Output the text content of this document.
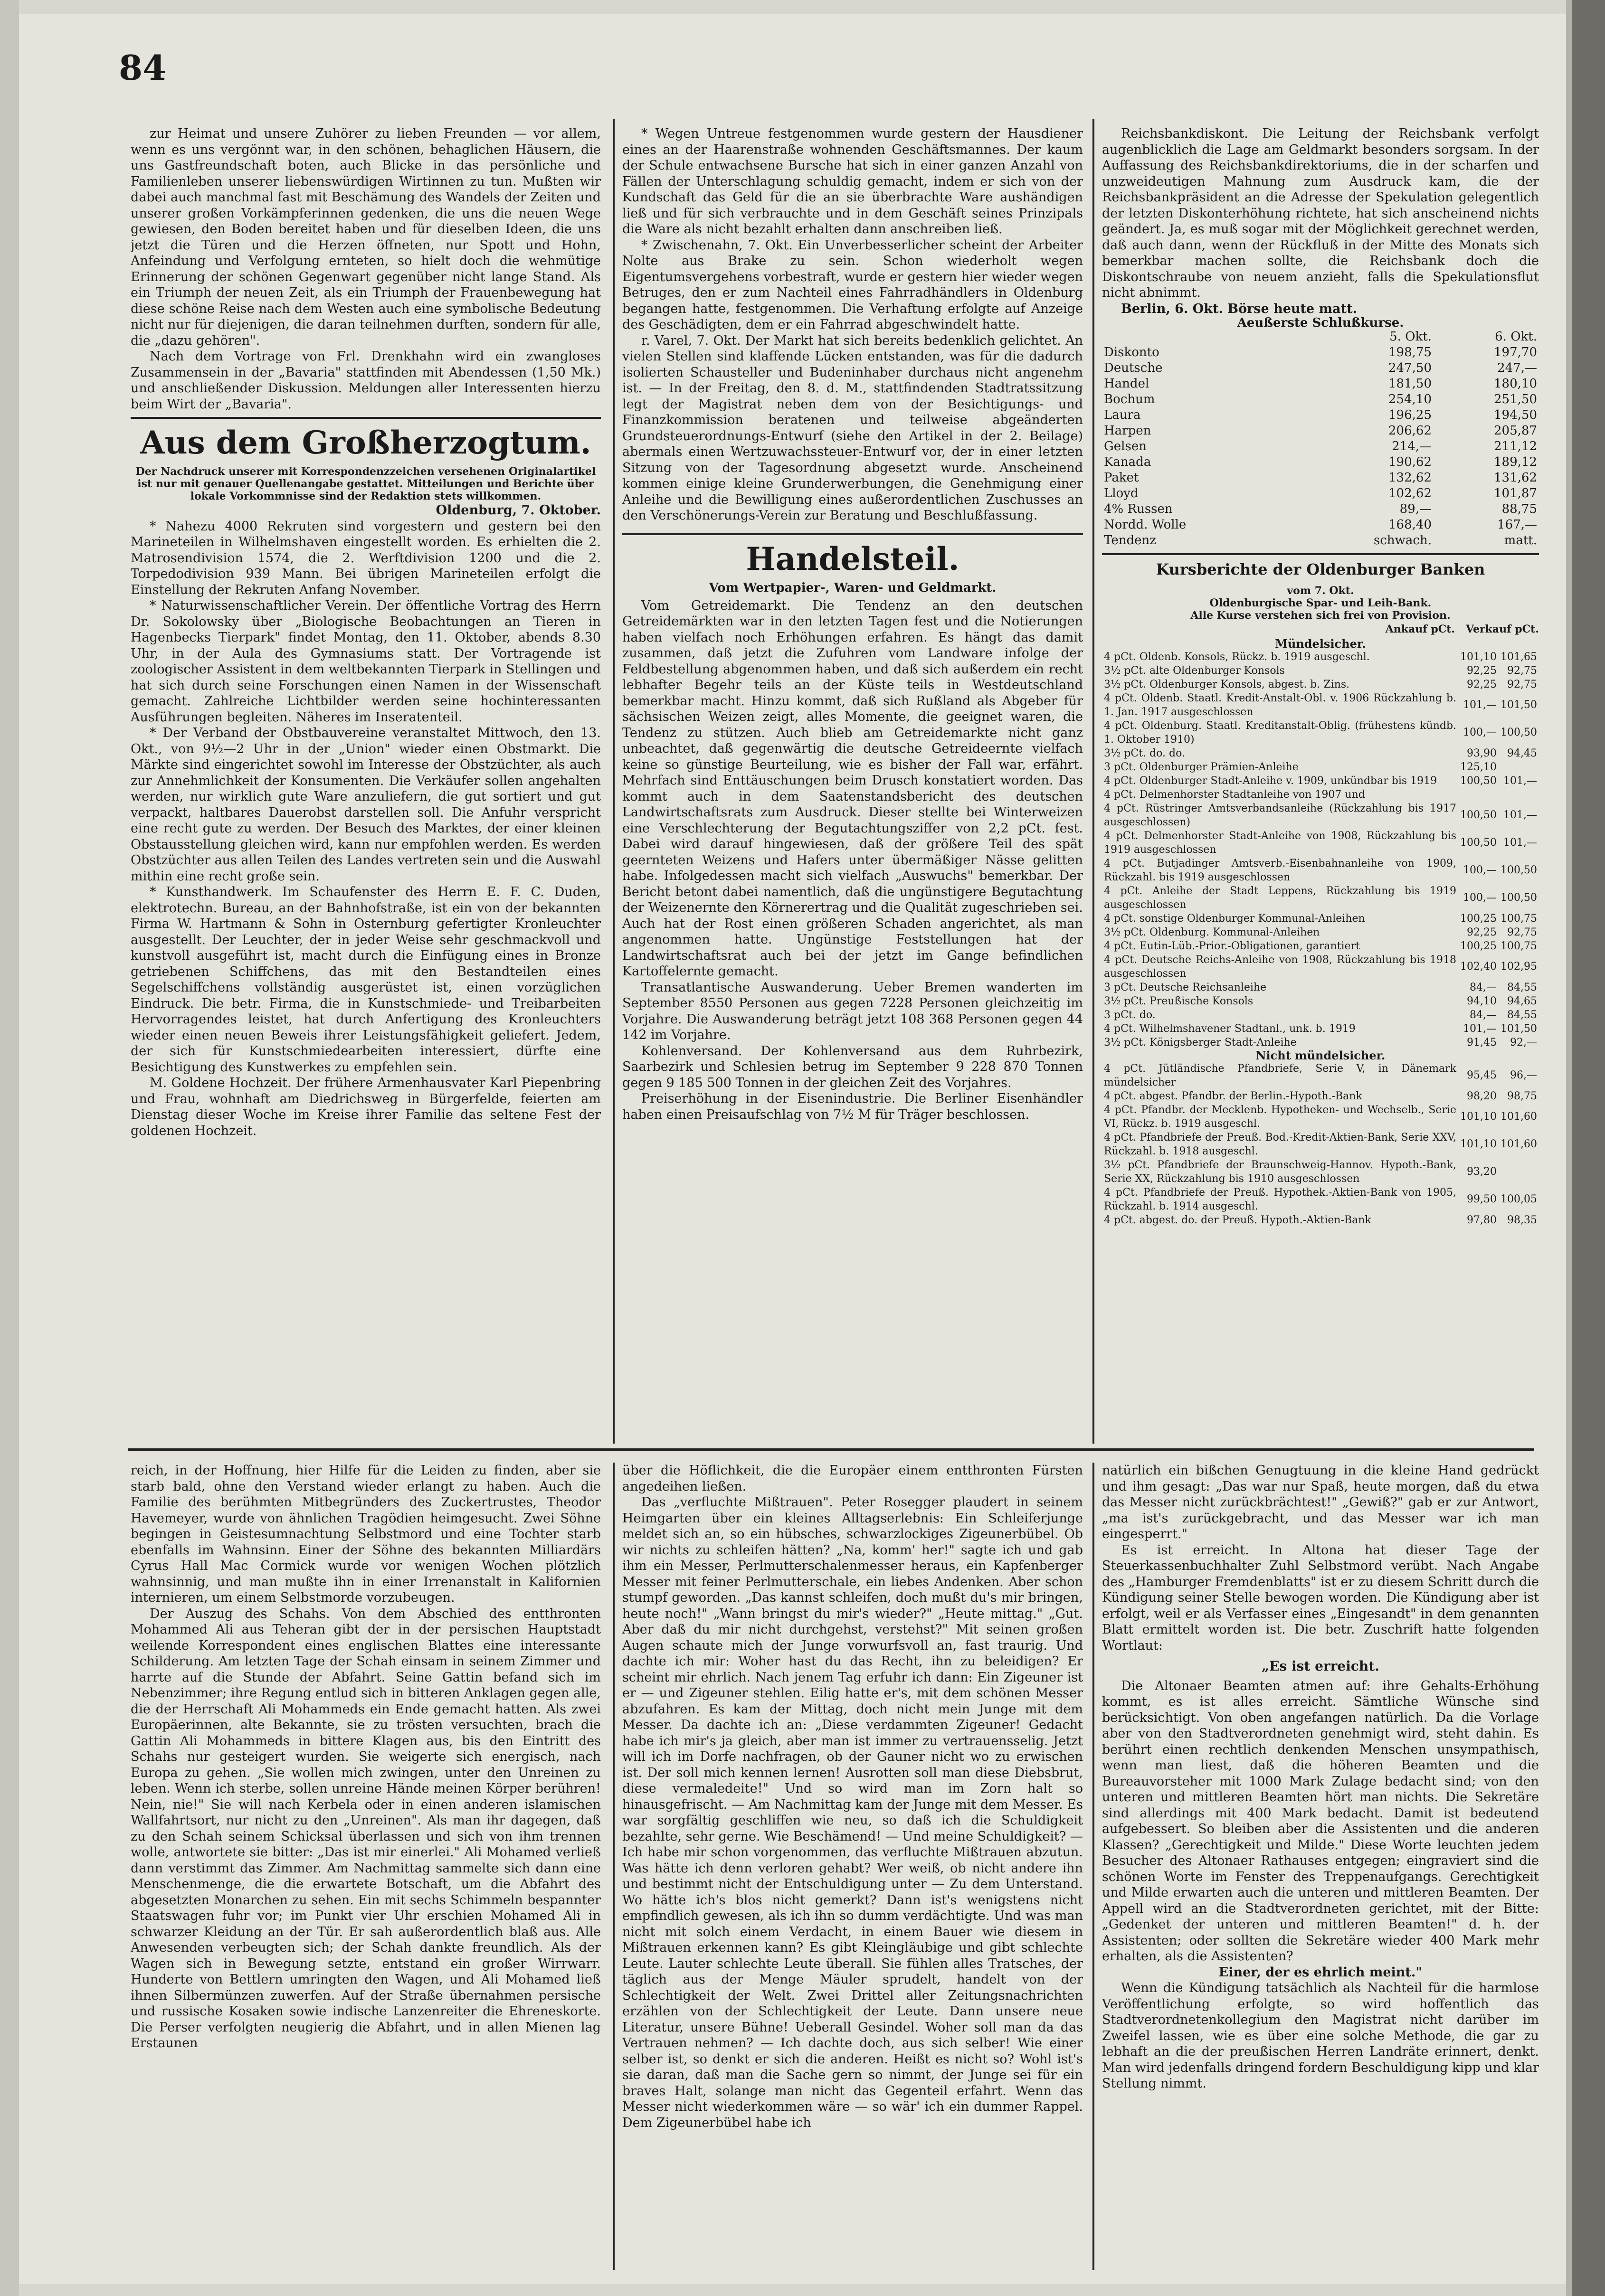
84

zur Heimat und unsere Zuhörer zu lieben Freunden — vor allem, wenn es uns vergönnt war, in den schönen, behaglichen Häusern, die uns Gastfreundschaft boten, auch Blicke in das persönliche und Familienleben unserer liebenswürdigen Wirtinnen zu tun. Mußten wir dabei auch manchmal fast mit Beschämung des Wandels der Zeiten und unserer großen Vorkämpferinnen gedenken, die uns die neuen Wege gewiesen, den Boden bereitet haben und für dieselben Ideen, die uns jetzt die Türen und die Herzen öffneten, nur Spott und Hohn, Anfeindung und Verfolgung ernteten, so hielt doch die wehmütige Erinnerung der schönen Gegenwart gegenüber nicht lange Stand. Als ein Triumph der neuen Zeit, als ein Triumph der Frauenbewegung hat diese schöne Reise nach dem Westen auch eine symbolische Bedeutung nicht nur für diejenigen, die daran teilnehmen durften, sondern für alle, die „dazu gehören".

Nach dem Vortrage von Frl. Drenkhahn wird ein zwangloses Zusammensein in der „Bavaria" stattfinden mit Abendessen (1,50 Mk.) und anschließender Diskussion. Meldungen aller Interessenten hierzu beim Wirt der „Bavaria".

Aus dem Großherzogtum.
Der Nachdruck unserer mit Korrespondenzzeichen versehenen Originalartikel ist nur mit genauer Quellenangabe gestattet. Mitteilungen und Berichte über lokale Vorkommnisse sind der Redaktion stets willkommen.
Oldenburg, 7. Oktober.

* Nahezu 4000 Rekruten sind vorgestern und gestern bei den Marineteilen in Wilhelmshaven eingestellt worden. Es erhielten die 2. Matrosendivision 1574, die 2. Werftdivision 1200 und die 2. Torpedodivision 939 Mann. Bei übrigen Marineteilen erfolgt die Einstellung der Rekruten Anfang November.

* Naturwissenschaftlicher Verein. Der öffentliche Vortrag des Herrn Dr. Sokolowsky über „Biologische Beobachtungen an Tieren in Hagenbecks Tierpark" findet Montag, den 11. Oktober, abends 8.30 Uhr, in der Aula des Gymnasiums statt. Der Vortragende ist zoologischer Assistent in dem weltbekannten Tierpark in Stellingen und hat sich durch seine Forschungen einen Namen in der Wissenschaft gemacht. Zahlreiche Lichtbilder werden seine hochinteressanten Ausführungen begleiten. Näheres im Inseratenteil.

* Der Verband der Obstbauvereine veranstaltet Mittwoch, den 13. Okt., von 9½—2 Uhr in der „Union" wieder einen Obstmarkt. Die Märkte sind eingerichtet sowohl im Interesse der Obstzüchter, als auch zur Annehmlichkeit der Konsumenten. Die Verkäufer sollen angehalten werden, nur wirklich gute Ware anzuliefern, die gut sortiert und gut verpackt, haltbares Dauerobst darstellen soll. Die Anfuhr verspricht eine recht gute zu werden. Der Besuch des Marktes, der einer kleinen Obstausstellung gleichen wird, kann nur empfohlen werden. Es werden Obstzüchter aus allen Teilen des Landes vertreten sein und die Auswahl mithin eine recht große sein.

* Kunsthandwerk. Im Schaufenster des Herrn E. F. C. Duden, elektrotechn. Bureau, an der Bahnhofstraße, ist ein von der bekannten Firma W. Hartmann & Sohn in Osternburg gefertigter Kronleuchter ausgestellt. Der Leuchter, der in jeder Weise sehr geschmackvoll und kunstvoll ausgeführt ist, macht durch die Einfügung eines in Bronze getriebenen Schiffchens, das mit den Bestandteilen eines Segelschiffchens vollständig ausgerüstet ist, einen vorzüglichen Eindruck. Die betr. Firma, die in Kunstschmiede- und Treibarbeiten Hervorragendes leistet, hat durch Anfertigung des Kronleuchters wieder einen neuen Beweis ihrer Leistungsfähigkeit geliefert. Jedem, der sich für Kunstschmiedearbeiten interessiert, dürfte eine Besichtigung des Kunstwerkes zu empfehlen sein.

M. Goldene Hochzeit. Der frühere Armenhausvater Karl Piepenbring und Frau, wohnhaft am Diedrichsweg in Bürgerfelde, feierten am Dienstag dieser Woche im Kreise ihrer Familie das seltene Fest der goldenen Hochzeit.

* Wegen Untreue festgenommen wurde gestern der Hausdiener eines an der Haarenstraße wohnenden Geschäftsmannes. Der kaum der Schule entwachsene Bursche hat sich in einer ganzen Anzahl von Fällen der Unterschlagung schuldig gemacht, indem er sich von der Kundschaft das Geld für die an sie überbrachte Ware aushändigen ließ und für sich verbrauchte und in dem Geschäft seines Prinzipals die Ware als nicht bezahlt erhalten dann anschreiben ließ.

* Zwischenahn, 7. Okt. Ein Unverbesserlicher scheint der Arbeiter Nolte aus Brake zu sein. Schon wiederholt wegen Eigentumsvergehens vorbestraft, wurde er gestern hier wieder wegen Betruges, den er zum Nachteil eines Fahrradhändlers in Oldenburg begangen hatte, festgenommen. Die Verhaftung erfolgte auf Anzeige des Geschädigten, dem er ein Fahrrad abgeschwindelt hatte.

r. Varel, 7. Okt. Der Markt hat sich bereits bedenklich gelichtet. An vielen Stellen sind klaffende Lücken entstanden, was für die dadurch isolierten Schausteller und Budeninhaber durchaus nicht angenehm ist. — In der Freitag, den 8. d. M., stattfindenden Stadtratssitzung legt der Magistrat neben dem von der Besichtigungs- und Finanzkommission beratenen und teilweise abgeänderten Grundsteuerordnungs-Entwurf (siehe den Artikel in der 2. Beilage) abermals einen Wertzuwachssteuer-Entwurf vor, der in einer letzten Sitzung von der Tagesordnung abgesetzt wurde. Anscheinend kommen einige kleine Grunderwerbungen, die Genehmigung einer Anleihe und die Bewilligung eines außerordentlichen Zuschusses an den Verschönerungs-Verein zur Beratung und Beschlußfassung.

Handelsteil.
Vom Wertpapier-, Waren- und Geldmarkt.

Vom Getreidemarkt. Die Tendenz an den deutschen Getreidemärkten war in den letzten Tagen fest und die Notierungen haben vielfach noch Erhöhungen erfahren. Es hängt das damit zusammen, daß jetzt die Zufuhren vom Landware infolge der Feldbestellung abgenommen haben, und daß sich außerdem ein recht lebhafter Begehr teils an der Küste teils in Westdeutschland bemerkbar macht. Hinzu kommt, daß sich Rußland als Abgeber für sächsischen Weizen zeigt, alles Momente, die geeignet waren, die Tendenz zu stützen. Auch blieb am Getreidemarkte nicht ganz unbeachtet, daß gegenwärtig die deutsche Getreideernte vielfach keine so günstige Beurteilung, wie es bisher der Fall war, erfährt. Mehrfach sind Enttäuschungen beim Drusch konstatiert worden. Das kommt auch in dem Saatenstandsbericht des deutschen Landwirtschaftsrats zum Ausdruck. Dieser stellte bei Winterweizen eine Verschlechterung der Begutachtungsziffer von 2,2 pCt. fest. Dabei wird darauf hingewiesen, daß der größere Teil des spät geernteten Weizens und Hafers unter übermäßiger Nässe gelitten habe. Infolgedessen macht sich vielfach „Auswuchs" bemerkbar. Der Bericht betont dabei namentlich, daß die ungünstigere Begutachtung der Weizenernte den Körnerertrag und die Qualität zugeschrieben sei. Auch hat der Rost einen größeren Schaden angerichtet, als man angenommen hatte. Ungünstige Feststellungen hat der Landwirtschaftsrat auch bei der jetzt im Gange befindlichen Kartoffelernte gemacht.

Transatlantische Auswanderung. Ueber Bremen wanderten im September 8550 Personen aus gegen 7228 Personen gleichzeitig im Vorjahre. Die Auswanderung beträgt jetzt 108 368 Personen gegen 44 142 im Vorjahre.

Kohlenversand. Der Kohlenversand aus dem Ruhrbezirk, Saarbezirk und Schlesien betrug im September 9 228 870 Tonnen gegen 9 185 500 Tonnen in der gleichen Zeit des Vorjahres.

Preiserhöhung in der Eisenindustrie. Die Berliner Eisenhändler haben einen Preisaufschlag von 7½ M für Träger beschlossen.

Reichsbankdiskont. Die Leitung der Reichsbank verfolgt augenblicklich die Lage am Geldmarkt besonders sorgsam. In der Auffassung des Reichsbankdirektoriums, die in der scharfen und unzweideutigen Mahnung zum Ausdruck kam, die der Reichsbankpräsident an die Adresse der Spekulation gelegentlich der letzten Diskonterhöhung richtete, hat sich anscheinend nichts geändert. Ja, es muß sogar mit der Möglichkeit gerechnet werden, daß auch dann, wenn der Rückfluß in der Mitte des Monats sich bemerkbar machen sollte, die Reichsbank doch die Diskontschraube von neuem anzieht, falls die Spekulationsflut nicht abnimmt.

Berlin, 6. Okt. Börse heute matt.
Aeußerste Schlußkurse.
	5. Okt.	6. Okt.
Diskonto	198,75	197,70
Deutsche	247,50	247,—
Handel	181,50	180,10
Bochum	254,10	251,50
Laura	196,25	194,50
Harpen	206,62	205,87
Gelsen	214,—	211,12
Kanada	190,62	189,12
Paket	132,62	131,62
Lloyd	102,62	101,87
4% Russen	89,—	88,75
Nordd. Wolle	168,40	167,—
Tendenz	schwach.	matt.
Kursberichte der Oldenburger Banken
vom 7. Okt.
Oldenburgische Spar- und Leih-Bank.
Alle Kurse verstehen sich frei von Provision.
Ankauf pCt. Verkauf pCt.
Mündelsicher.
4 pCt. Oldenb. Konsols, Rückz. b. 1919 ausgeschl.	101,10	101,65
3½ pCt. alte Oldenburger Konsols	92,25	92,75
3½ pCt. Oldenburger Konsols, abgest. b. Zins.	92,25	92,75
4 pCt. Oldenb. Staatl. Kredit-Anstalt-Obl. v. 1906 Rückzahlung b. 1. Jan. 1917 ausgeschlossen	101,—	101,50
4 pCt. Oldenburg. Staatl. Kreditanstalt-Oblig. (frühestens kündb. 1. Oktober 1910)	100,—	100,50
3½ pCt. do. do.	93,90	94,45
3 pCt. Oldenburger Prämien-Anleihe	125,10	
4 pCt. Oldenburger Stadt-Anleihe v. 1909, unkündbar bis 1919	100,50	101,—
4 pCt. Delmenhorster Stadtanleihe von 1907 und		
4 pCt. Rüstringer Amtsverbandsanleihe (Rückzahlung bis 1917 ausgeschlossen)	100,50	101,—
4 pCt. Delmenhorster Stadt-Anleihe von 1908, Rückzahlung bis 1919 ausgeschlossen	100,50	101,—
4 pCt. Butjadinger Amtsverb.-Eisenbahnanleihe von 1909, Rückzahl. bis 1919 ausgeschlossen	100,—	100,50
4 pCt. Anleihe der Stadt Leppens, Rückzahlung bis 1919 ausgeschlossen	100,—	100,50
4 pCt. sonstige Oldenburger Kommunal-Anleihen	100,25	100,75
3½ pCt. Oldenburg. Kommunal-Anleihen	92,25	92,75
4 pCt. Eutin-Lüb.-Prior.-Obligationen, garantiert	100,25	100,75
4 pCt. Deutsche Reichs-Anleihe von 1908, Rückzahlung bis 1918 ausgeschlossen	102,40	102,95
3 pCt. Deutsche Reichsanleihe	84,—	84,55
3½ pCt. Preußische Konsols	94,10	94,65
3 pCt. do.	84,—	84,55
4 pCt. Wilhelmshavener Stadtanl., unk. b. 1919	101,—	101,50
3½ pCt. Königsberger Stadt-Anleihe	91,45	92,—
Nicht mündelsicher.
4 pCt. Jütländische Pfandbriefe, Serie V, in Dänemark mündelsicher	95,45	96,—
4 pCt. abgest. Pfandbr. der Berlin.-Hypoth.-Bank	98,20	98,75
4 pCt. Pfandbr. der Mecklenb. Hypotheken- und Wechselb., Serie VI, Rückz. b. 1919 ausgeschl.	101,10	101,60
4 pCt. Pfandbriefe der Preuß. Bod.-Kredit-Aktien-Bank, Serie XXV, Rückzahl. b. 1918 ausgeschl.	101,10	101,60
3½ pCt. Pfandbriefe der Braunschweig-Hannov. Hypoth.-Bank, Serie XX, Rückzahlung bis 1910 ausgeschlossen	93,20	
4 pCt. Pfandbriefe der Preuß. Hypothek.-Aktien-Bank von 1905, Rückzahl. b. 1914 ausgeschl.	99,50	100,05
4 pCt. abgest. do. der Preuß. Hypoth.-Aktien-Bank	97,80	98,35

reich, in der Hoffnung, hier Hilfe für die Leiden zu finden, aber sie starb bald, ohne den Verstand wieder erlangt zu haben. Auch die Familie des berühmten Mitbegründers des Zuckertrustes, Theodor Havemeyer, wurde von ähnlichen Tragödien heimgesucht. Zwei Söhne begingen in Geistesumnachtung Selbstmord und eine Tochter starb ebenfalls im Wahnsinn. Einer der Söhne des bekannten Milliardärs Cyrus Hall Mac Cormick wurde vor wenigen Wochen plötzlich wahnsinnig, und man mußte ihn in einer Irrenanstalt in Kalifornien internieren, um einem Selbstmorde vorzubeugen.

Der Auszug des Schahs. Von dem Abschied des entthronten Mohammed Ali aus Teheran gibt der in der persischen Hauptstadt weilende Korrespondent eines englischen Blattes eine interessante Schilderung. Am letzten Tage der Schah einsam in seinem Zimmer und harrte auf die Stunde der Abfahrt. Seine Gattin befand sich im Nebenzimmer; ihre Regung entlud sich in bitteren Anklagen gegen alle, die der Herrschaft Ali Mohammeds ein Ende gemacht hatten. Als zwei Europäerinnen, alte Bekannte, sie zu trösten versuchten, brach die Gattin Ali Mohammeds in bittere Klagen aus, bis den Eintritt des Schahs nur gesteigert wurden. Sie weigerte sich energisch, nach Europa zu gehen. „Sie wollen mich zwingen, unter den Unreinen zu leben. Wenn ich sterbe, sollen unreine Hände meinen Körper berühren! Nein, nie!" Sie will nach Kerbela oder in einen anderen islamischen Wallfahrtsort, nur nicht zu den „Unreinen". Als man ihr dagegen, daß zu den Schah seinem Schicksal überlassen und sich von ihm trennen wolle, antwortete sie bitter: „Das ist mir einerlei." Ali Mohamed verließ dann verstimmt das Zimmer. Am Nachmittag sammelte sich dann eine Menschenmenge, die die erwartete Botschaft, um die Abfahrt des abgesetzten Monarchen zu sehen. Ein mit sechs Schimmeln bespannter Staatswagen fuhr vor; im Punkt vier Uhr erschien Mohamed Ali in schwarzer Kleidung an der Tür. Er sah außerordentlich blaß aus. Alle Anwesenden verbeugten sich; der Schah dankte freundlich. Als der Wagen sich in Bewegung setzte, entstand ein großer Wirrwarr. Hunderte von Bettlern umringten den Wagen, und Ali Mohamed ließ ihnen Silbermünzen zuwerfen. Auf der Straße übernahmen persische und russische Kosaken sowie indische Lanzenreiter die Ehreneskorte. Die Perser verfolgten neugierig die Abfahrt, und in allen Mienen lag Erstaunen

über die Höflichkeit, die die Europäer einem entthronten Fürsten angedeihen ließen.

Das „verfluchte Mißtrauen". Peter Rosegger plaudert in seinem Heimgarten über ein kleines Alltagserlebnis: Ein Schleiferjunge meldet sich an, so ein hübsches, schwarzlockiges Zigeunerbübel. Ob wir nichts zu schleifen hätten? „Na, komm' her!" sagte ich und gab ihm ein Messer, Perlmutterschalenmesser heraus, ein Kapfenberger Messer mit feiner Perlmutterschale, ein liebes Andenken. Aber schon stumpf geworden. „Das kannst schleifen, doch mußt du's mir bringen, heute noch!" „Wann bringst du mir's wieder?" „Heute mittag." „Gut. Aber daß du mir nicht durchgehst, verstehst?" Mit seinen großen Augen schaute mich der Junge vorwurfsvoll an, fast traurig. Und dachte ich mir: Woher hast du das Recht, ihn zu beleidigen? Er scheint mir ehrlich. Nach jenem Tag erfuhr ich dann: Ein Zigeuner ist er — und Zigeuner stehlen. Eilig hatte er's, mit dem schönen Messer abzufahren. Es kam der Mittag, doch nicht mein Junge mit dem Messer. Da dachte ich an: „Diese verdammten Zigeuner! Gedacht habe ich mir's ja gleich, aber man ist immer zu vertrauensselig. Jetzt will ich im Dorfe nachfragen, ob der Gauner nicht wo zu erwischen ist. Der soll mich kennen lernen! Ausrotten soll man diese Diebsbrut, diese vermaledeite!" Und so wird man im Zorn halt so hinausgefrischt. — Am Nachmittag kam der Junge mit dem Messer. Es war sorgfältig geschliffen wie neu, so daß ich die Schuldigkeit bezahlte, sehr gerne. Wie Beschämend! — Und meine Schuldigkeit? — Ich habe mir schon vorgenommen, das verfluchte Mißtrauen abzutun. Was hätte ich denn verloren gehabt? Wer weiß, ob nicht andere ihn und bestimmt nicht der Entschuldigung unter — Zu dem Unterstand. Wo hätte ich's blos nicht gemerkt? Dann ist's wenigstens nicht empfindlich gewesen, als ich ihn so dumm verdächtigte. Und was man nicht mit solch einem Verdacht, in einem Bauer wie diesem in Mißtrauen erkennen kann? Es gibt Kleingläubige und gibt schlechte Leute. Lauter schlechte Leute überall. Sie fühlen alles Tratsches, der täglich aus der Menge Mäuler sprudelt, handelt von der Schlechtigkeit der Welt. Zwei Drittel aller Zeitungsnachrichten erzählen von der Schlechtigkeit der Leute. Dann unsere neue Literatur, unsere Bühne! Ueberall Gesindel. Woher soll man da das Vertrauen nehmen? — Ich dachte doch, aus sich selber! Wie einer selber ist, so denkt er sich die anderen. Heißt es nicht so? Wohl ist's sie daran, daß man die Sache gern so nimmt, der Junge sei für ein braves Halt, solange man nicht das Gegenteil erfahrt. Wenn das Messer nicht wiederkommen wäre — so wär' ich ein dummer Rappel. Dem Zigeunerbübel habe ich

natürlich ein bißchen Genugtuung in die kleine Hand gedrückt und ihm gesagt: „Das war nur Spaß, heute morgen, daß du etwa das Messer nicht zurückbrächtest!" „Gewiß?" gab er zur Antwort, „ma ist's zurückgebracht, und das Messer war ich man eingesperrt."

Es ist erreicht. In Altona hat dieser Tage der Steuerkassenbuchhalter Zuhl Selbstmord verübt. Nach Angabe des „Hamburger Fremdenblatts" ist er zu diesem Schritt durch die Kündigung seiner Stelle bewogen worden. Die Kündigung aber ist erfolgt, weil er als Verfasser eines „Eingesandt" in dem genannten Blatt ermittelt worden ist. Die betr. Zuschrift hatte folgenden Wortlaut:

„Es ist erreicht.

Die Altonaer Beamten atmen auf: ihre Gehalts-Erhöhung kommt, es ist alles erreicht. Sämtliche Wünsche sind berücksichtigt. Von oben angefangen natürlich. Da die Vorlage aber von den Stadtverordneten genehmigt wird, steht dahin. Es berührt einen rechtlich denkenden Menschen unsympathisch, wenn man liest, daß die höheren Beamten und die Bureauvorsteher mit 1000 Mark Zulage bedacht sind; von den unteren und mittleren Beamten hört man nichts. Die Sekretäre sind allerdings mit 400 Mark bedacht. Damit ist bedeutend aufgebessert. So bleiben aber die Assistenten und die anderen Klassen? „Gerechtigkeit und Milde." Diese Worte leuchten jedem Besucher des Altonaer Rathauses entgegen; eingraviert sind die schönen Worte im Fenster des Treppenaufgangs. Gerechtigkeit und Milde erwarten auch die unteren und mittleren Beamten. Der Appell wird an die Stadtverordneten gerichtet, mit der Bitte: „Gedenket der unteren und mittleren Beamten!" d. h. der Assistenten; oder sollten die Sekretäre wieder 400 Mark mehr erhalten, als die Assistenten?

Einer, der es ehrlich meint."

Wenn die Kündigung tatsächlich als Nachteil für die harmlose Veröffentlichung erfolgte, so wird hoffentlich das Stadtverordnetenkollegium den Magistrat nicht darüber im Zweifel lassen, wie es über eine solche Methode, die gar zu lebhaft an die der preußischen Herren Landräte erinnert, denkt. Man wird jedenfalls dringend fordern Beschuldigung kipp und klar Stellung nimmt.
